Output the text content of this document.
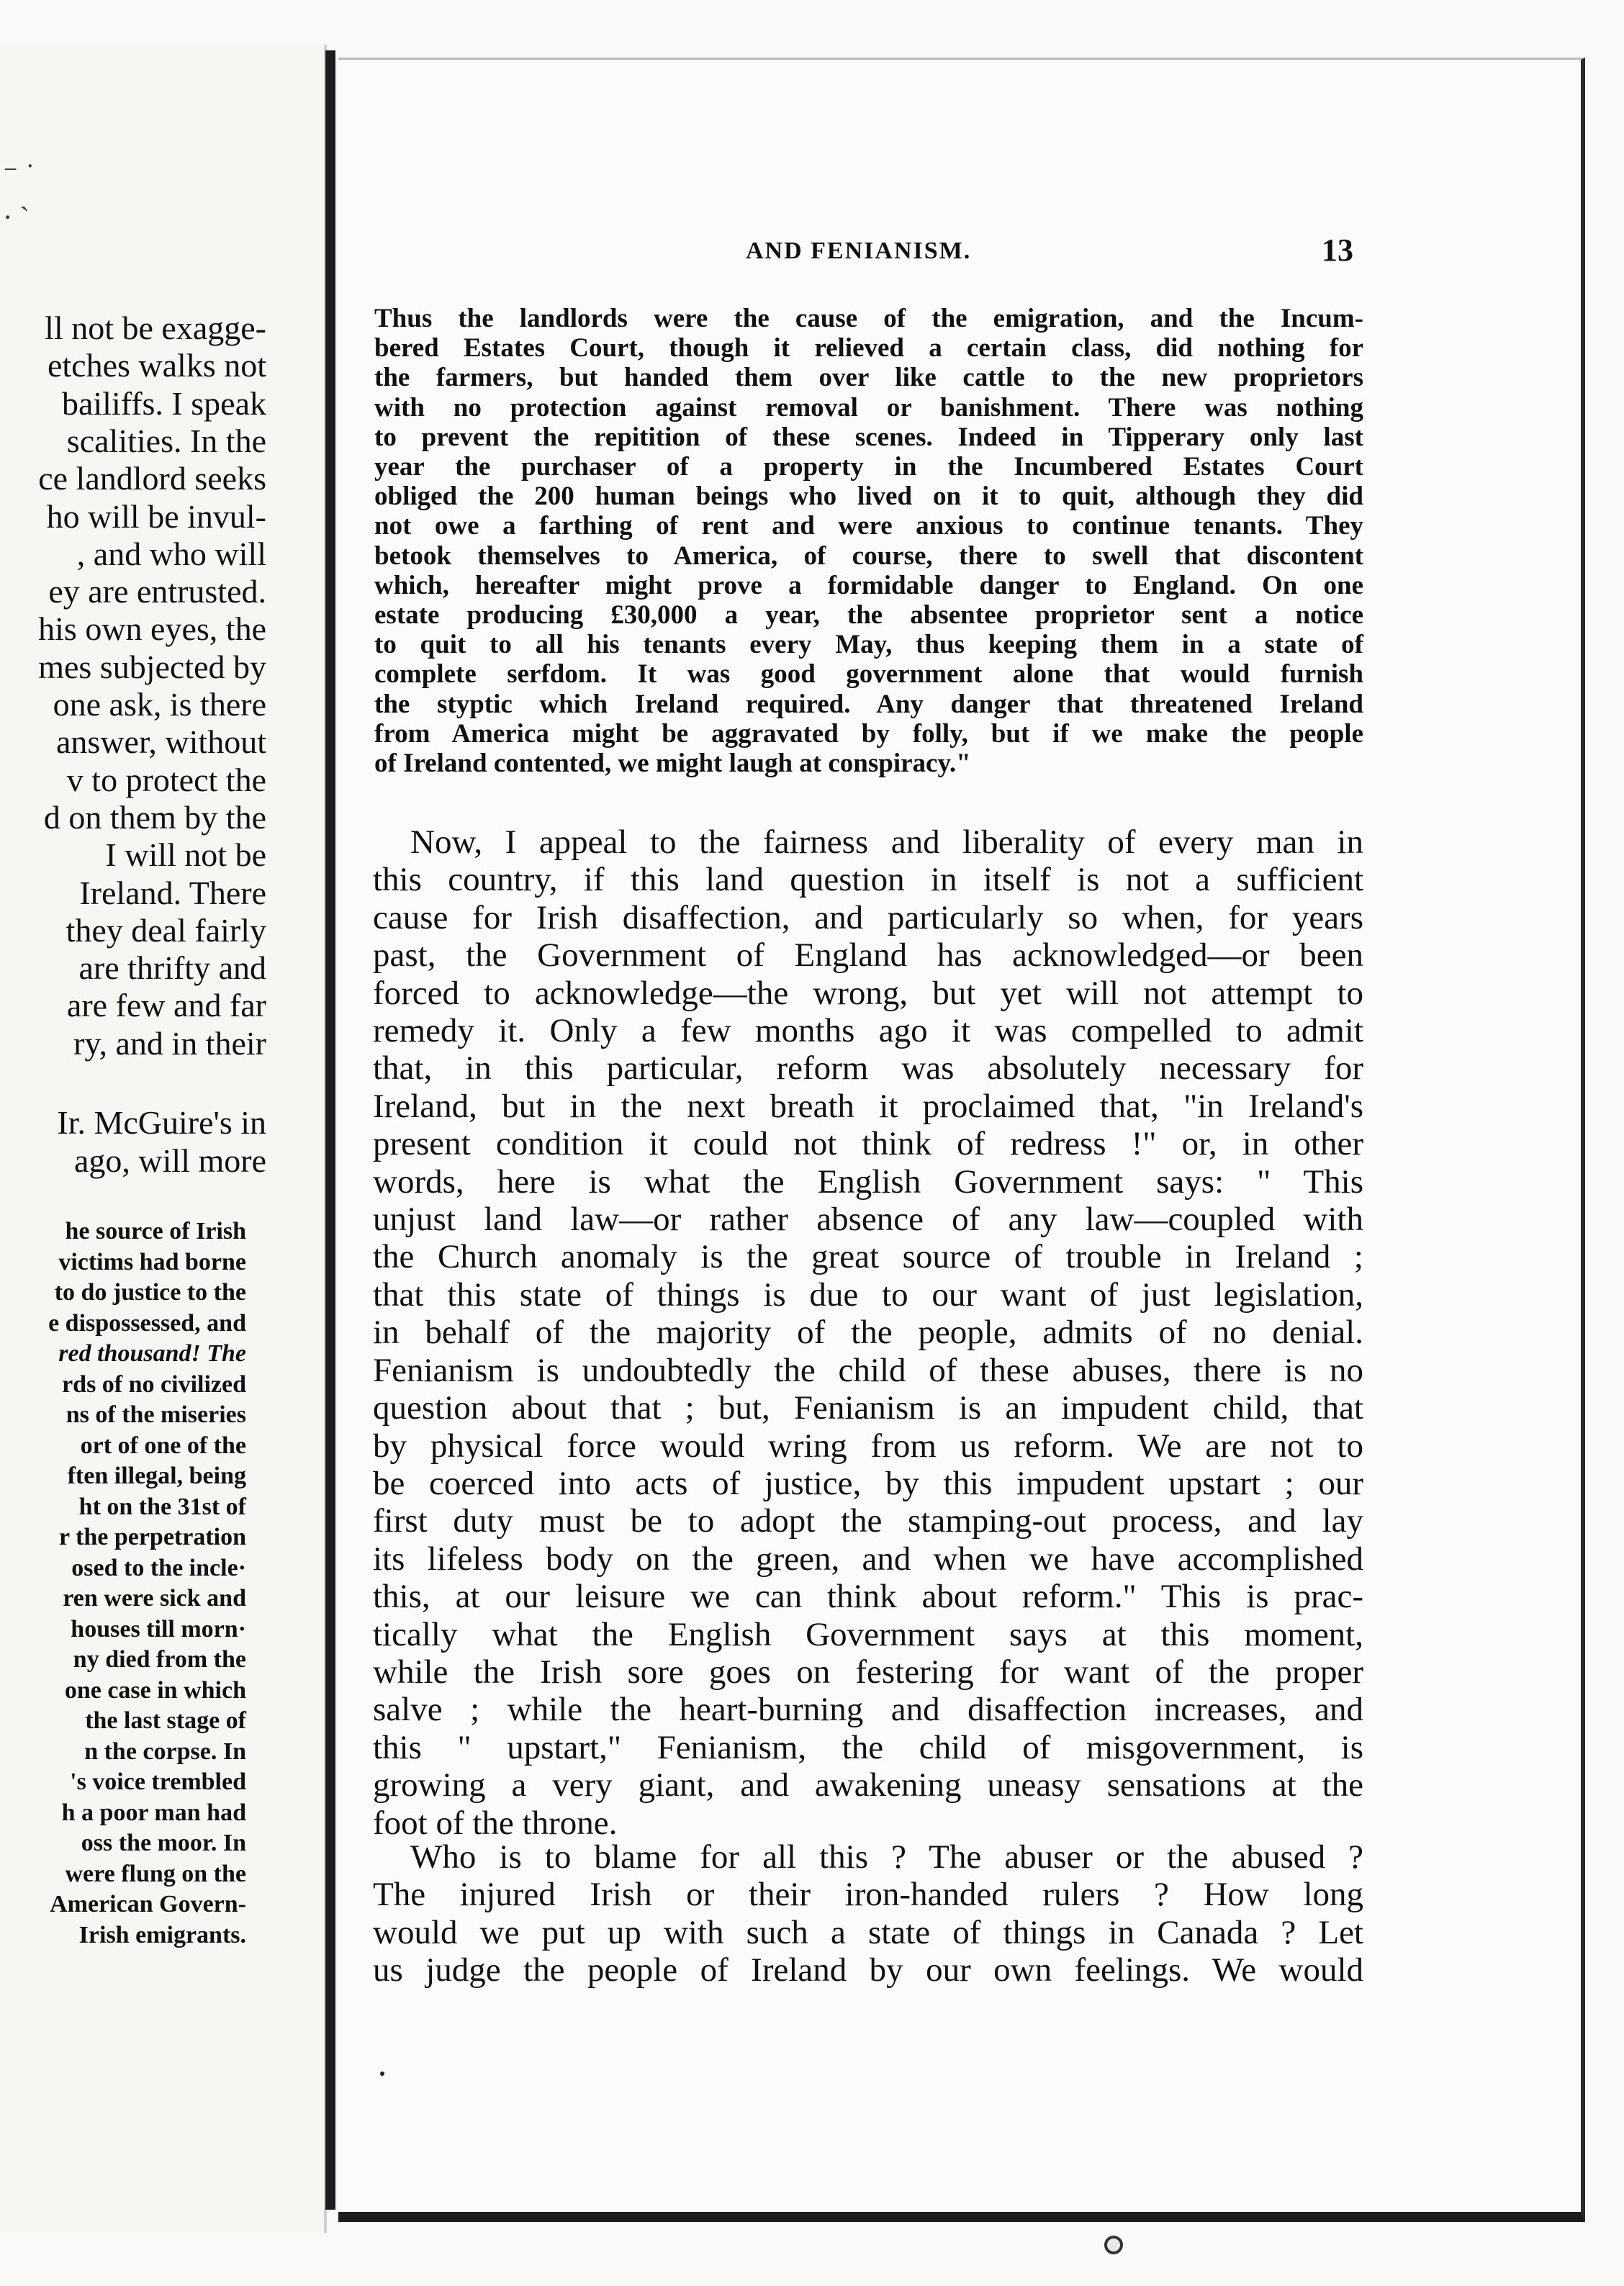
⁻ ˙
· ˋ
ll not be exagge-
etches walks not
bailiffs. I speak
scalities. In the
ce landlord seeks
ho will be invul-
, and who will
ey are entrusted.
his own eyes, the
mes subjected by
one ask, is there
answer, without
v to protect the
d on them by the
I will not be
Ireland. There
they deal fairly
are thrifty and
are few and far
ry, and in their
Ir. McGuire's in
ago, will more
he source of Irish
victims had borne
to do justice to the
e dispossessed, and
red thousand! The
rds of no civilized
ns of the miseries
ort of one of the
ften illegal, being
ht on the 31st of
r the perpetration
osed to the incle·
ren were sick and
houses till morn·
ny died from the
one case in which
the last stage of
n the corpse. In
's voice trembled
h a poor man had
oss the moor. In
were flung on the
American Govern-
Irish emigrants.
AND FENIANISM.	13
Thus the landlords were the cause of the emigration, and the Incum-
bered Estates Court, though it relieved a certain class, did nothing for
the farmers, but handed them over like cattle to the new proprietors
with no protection against removal or banishment. There was nothing
to prevent the repitition of these scenes. Indeed in Tipperary only last
year the purchaser of a property in the Incumbered Estates Court
obliged the 200 human beings who lived on it to quit, although they did
not owe a farthing of rent and were anxious to continue tenants. They
betook themselves to America, of course, there to swell that discontent
which, hereafter might prove a formidable danger to England. On one
estate producing £30,000 a year, the absentee proprietor sent a notice
to quit to all his tenants every May, thus keeping them in a state of
complete serfdom. It was good government alone that would furnish
the styptic which Ireland required. Any danger that threatened Ireland
from America might be aggravated by folly, but if we make the people
of Ireland contented, we might laugh at conspiracy."
Now, I appeal to the fairness and liberality of every man in
this country, if this land question in itself is not a sufficient
cause for Irish disaffection, and particularly so when, for years
past, the Government of England has acknowledged—or been
forced to acknowledge—the wrong, but yet will not attempt to
remedy it. Only a few months ago it was compelled to admit
that, in this particular, reform was absolutely necessary for
Ireland, but in the next breath it proclaimed that, "in Ireland's
present condition it could not think of redress !" or, in other
words, here is what the English Government says: " This
unjust land law—or rather absence of any law—coupled with
the Church anomaly is the great source of trouble in Ireland ;
that this state of things is due to our want of just legislation,
in behalf of the majority of the people, admits of no denial.
Fenianism is undoubtedly the child of these abuses, there is no
question about that ; but, Fenianism is an impudent child, that
by physical force would wring from us reform. We are not to
be coerced into acts of justice, by this impudent upstart ; our
first duty must be to adopt the stamping-out process, and lay
its lifeless body on the green, and when we have accomplished
this, at our leisure we can think about reform." This is prac-
tically what the English Government says at this moment,
while the Irish sore goes on festering for want of the proper
salve ; while the heart-burning and disaffection increases, and
this " upstart," Fenianism, the child of misgovernment, is
growing a very giant, and awakening uneasy sensations at the
foot of the throne.
Who is to blame for all this ? The abuser or the abused ?
The injured Irish or their iron-handed rulers ? How long
would we put up with such a state of things in Canada ? Let
us judge the people of Ireland by our own feelings. We would
